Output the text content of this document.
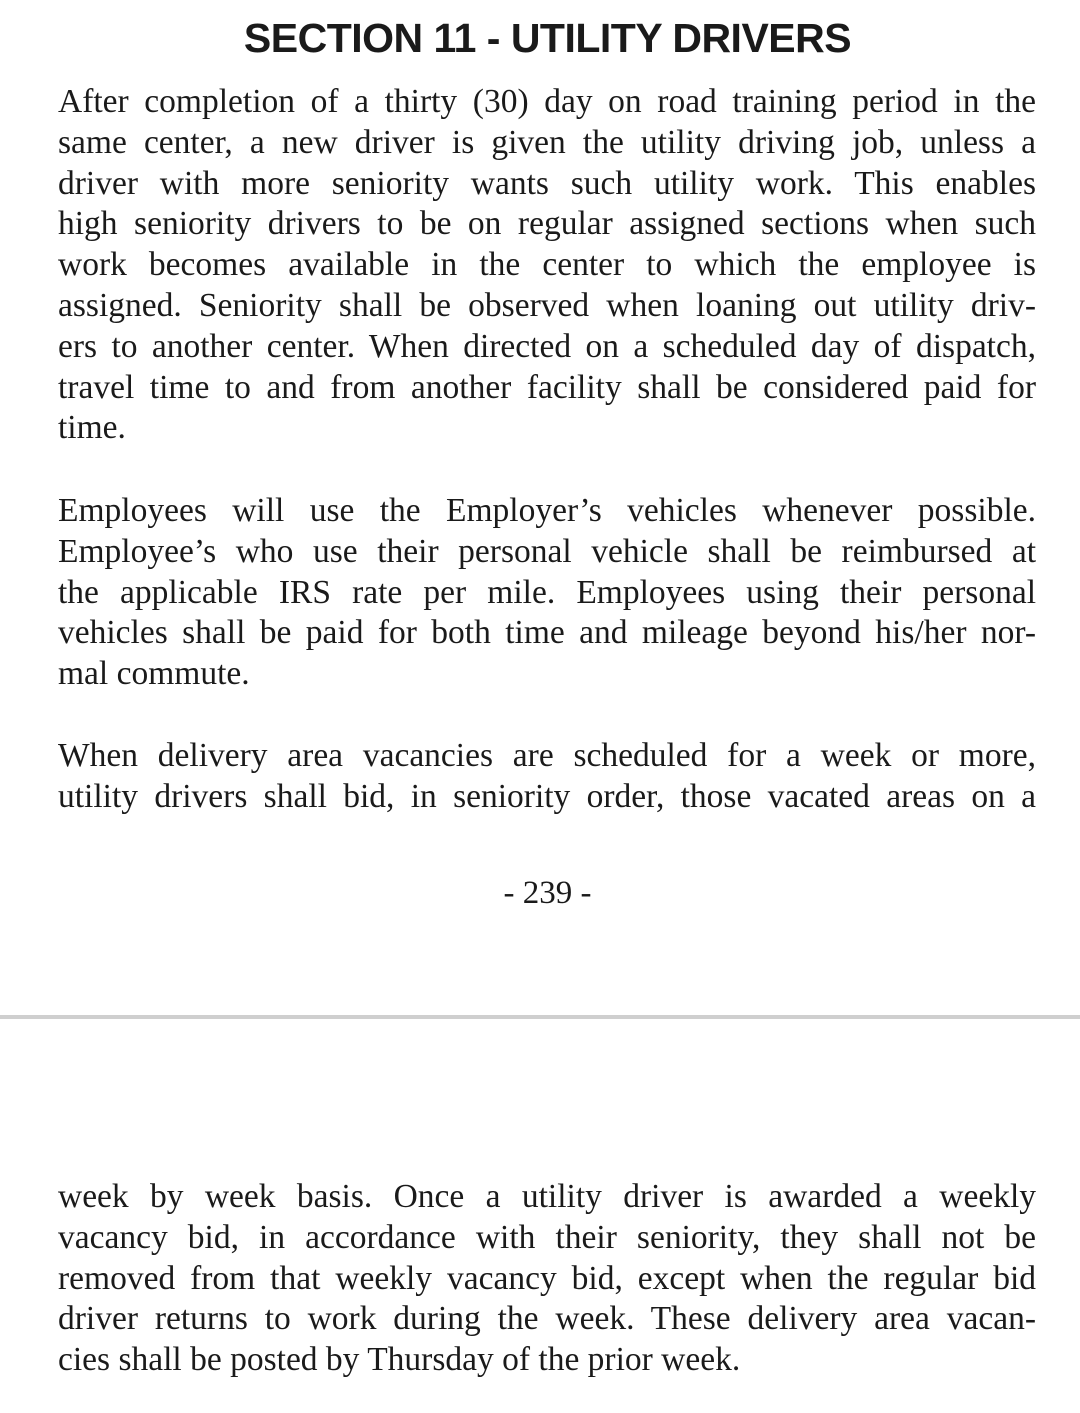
SECTION 11 - UTILITY DRIVERS

After completion of a thirty (30) day on road training period in the
same center, a new driver is given the utility driving job, unless a
driver with more seniority wants such utility work. This enables
high seniority drivers to be on regular assigned sections when such
work becomes available in the center to which the employee is
assigned. Seniority shall be observed when loaning out utility driv-
ers to another center. When directed on a scheduled day of dispatch,
travel time to and from another facility shall be considered paid for
time.

Employees will use the Employer’s vehicles whenever possible.
Employee’s who use their personal vehicle shall be reimbursed at
the applicable IRS rate per mile. Employees using their personal
vehicles shall be paid for both time and mileage beyond his/her nor-
mal commute.

When delivery area vacancies are scheduled for a week or more,
utility drivers shall bid, in seniority order, those vacated areas on a

- 239 -

week by week basis. Once a utility driver is awarded a weekly
vacancy bid, in accordance with their seniority, they shall not be
removed from that weekly vacancy bid, except when the regular bid
driver returns to work during the week. These delivery area vacan-
cies shall be posted by Thursday of the prior week.
